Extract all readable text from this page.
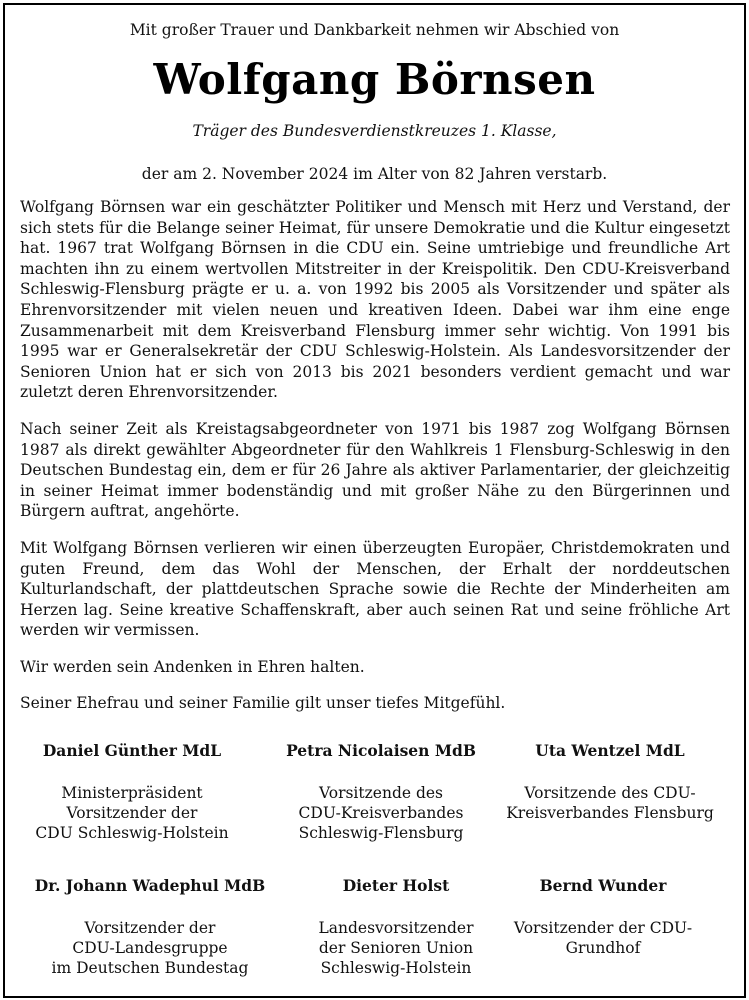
Mit großer Trauer und Dankbarkeit nehmen wir Abschied von
Wolfgang Börnsen
Träger des Bundesverdienstkreuzes 1. Klasse,
der am 2. November 2024 im Alter von 82 Jahren verstarb.

Wolfgang Börnsen war ein geschätzter Politiker und Mensch mit Herz und Verstand, der sich stets für die Belange seiner Heimat, für unsere Demokratie und die Kultur eingesetzt hat. 1967 trat Wolfgang Börnsen in die CDU ein. Seine umtriebige und freundliche Art machten ihn zu einem wertvollen Mitstreiter in der Kreispolitik. Den CDU-Kreisverband Schleswig-Flensburg prägte er u. a. von 1992 bis 2005 als Vorsitzender und später als Ehrenvorsitzender mit vielen neuen und kreativen Ideen. Dabei war ihm eine enge Zusammenarbeit mit dem Kreisverband Flensburg immer sehr wichtig. Von 1991 bis 1995 war er Generalsekretär der CDU Schleswig-Holstein. Als Landesvorsitzender der Senioren Union hat er sich von 2013 bis 2021 besonders verdient gemacht und war zuletzt deren Ehrenvorsitzender.

Nach seiner Zeit als Kreistagsabgeordneter von 1971 bis 1987 zog Wolfgang Börnsen 1987 als direkt gewählter Abgeordneter für den Wahlkreis 1 Flensburg-Schleswig in den Deutschen Bundestag ein, dem er für 26 Jahre als aktiver Parlamentarier, der gleichzeitig in seiner Heimat immer bodenständig und mit großer Nähe zu den Bürgerinnen und Bürgern auftrat, angehörte.

Mit Wolfgang Börnsen verlieren wir einen überzeugten Europäer, Christdemokraten und guten Freund, dem das Wohl der Menschen, der Erhalt der norddeutschen Kulturlandschaft, der plattdeutschen Sprache sowie die Rechte der Minderheiten am Herzen lag. Seine kreative Schaffenskraft, aber auch seinen Rat und seine fröhliche Art werden wir vermissen.

Wir werden sein Andenken in Ehren halten.

Seiner Ehefrau und seiner Familie gilt unser tiefes Mitgefühl.

Daniel Günther MdL
Ministerpräsident
Vorsitzender der
CDU Schleswig-Holstein
Petra Nicolaisen MdB
Vorsitzende des
CDU-Kreisverbandes
Schleswig-Flensburg
Uta Wentzel MdL
Vorsitzende des CDU-
Kreisverbandes Flensburg
Dr. Johann Wadephul MdB
Vorsitzender der
CDU-Landesgruppe
im Deutschen Bundestag
Dieter Holst
Landesvorsitzender
der Senioren Union
Schleswig-Holstein
Bernd Wunder
Vorsitzender der CDU-
Grundhof
